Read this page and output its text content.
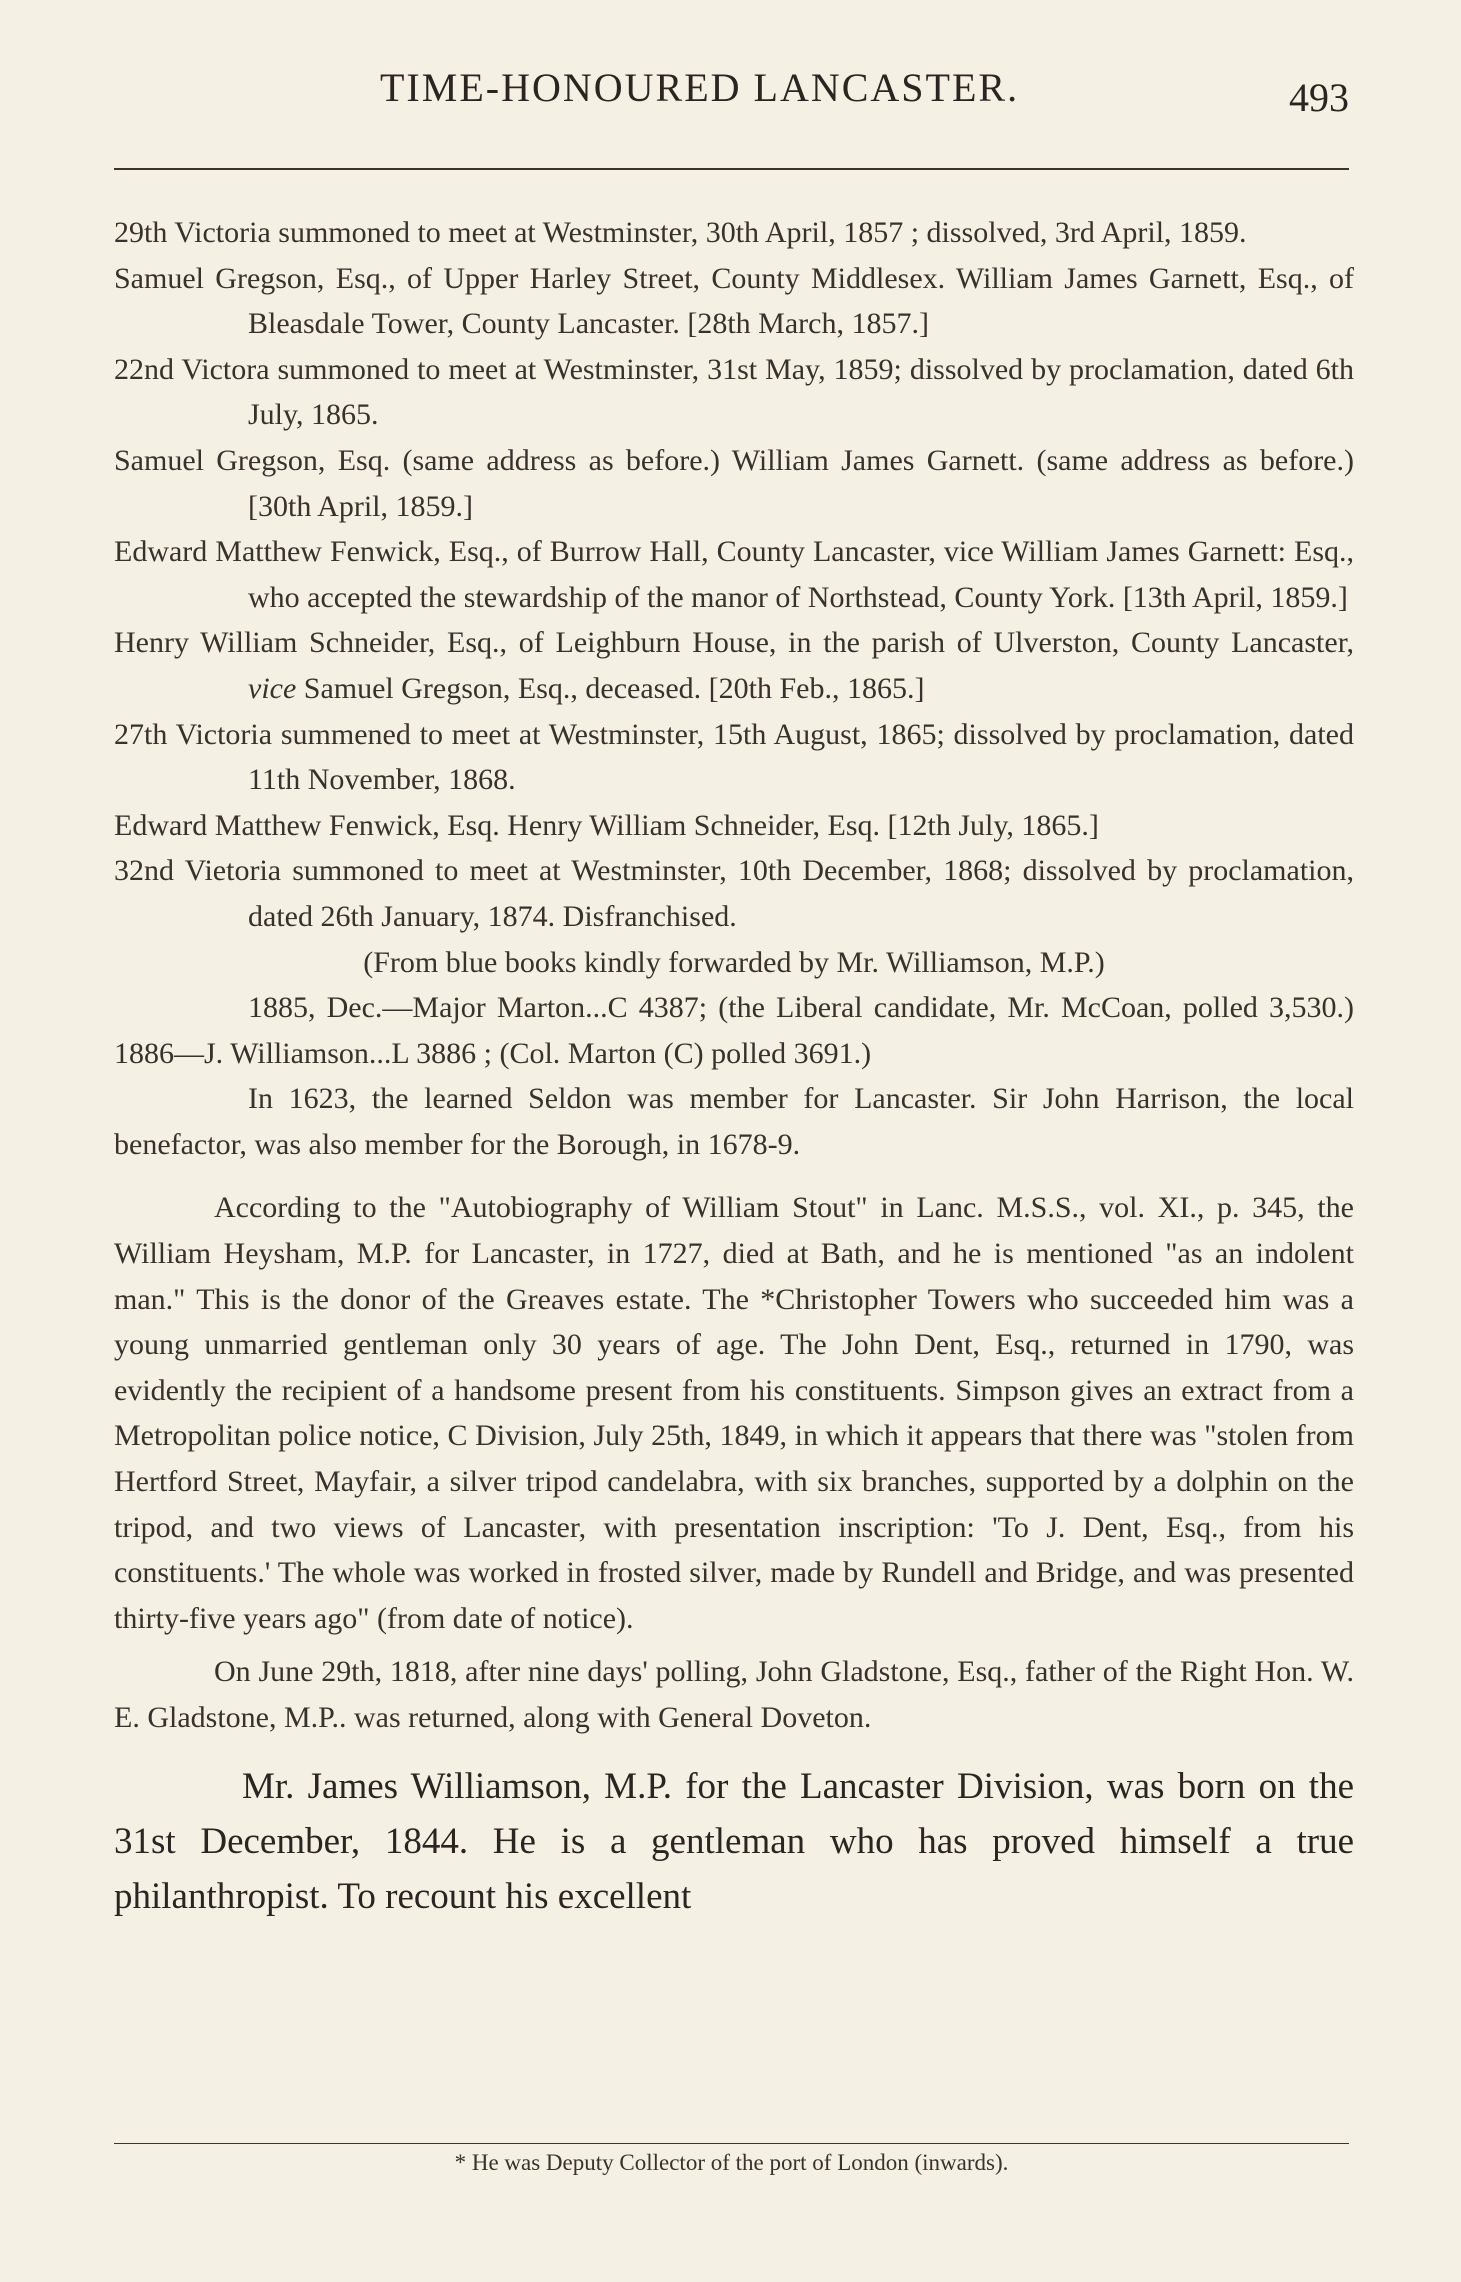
TIME-HONOURED LANCASTER.	493

29th Victoria summoned to meet at Westminster, 30th April, 1857 ; dissolved, 3rd April, 1859.

Samuel Gregson, Esq., of Upper Harley Street, County Middlesex. William James Garnett, Esq., of Bleasdale Tower, County Lancaster. [28th March, 1857.]

22nd Victora summoned to meet at Westminster, 31st May, 1859; dissolved by proclamation, dated 6th July, 1865.

Samuel Gregson, Esq. (same address as before.) William James Garnett. (same address as before.) [30th April, 1859.]

Edward Matthew Fenwick, Esq., of Burrow Hall, County Lancaster, vice William James Garnett: Esq., who accepted the stewardship of the manor of Northstead, County York. [13th April, 1859.]

Henry William Schneider, Esq., of Leighburn House, in the parish of Ulverston, County Lancaster, vice Samuel Gregson, Esq., deceased. [20th Feb., 1865.]

27th Victoria summened to meet at Westminster, 15th August, 1865; dissolved by proclamation, dated 11th November, 1868.

Edward Matthew Fenwick, Esq. Henry William Schneider, Esq. [12th July, 1865.]

32nd Vietoria summoned to meet at Westminster, 10th December, 1868; dissolved by proclamation, dated 26th January, 1874. Disfranchised.

(From blue books kindly forwarded by Mr. Williamson, M.P.)

1885, Dec.—Major Marton...C 4387; (the Liberal candidate, Mr. McCoan, polled 3,530.) 1886—J. Williamson...L 3886 ; (Col. Marton (C) polled 3691.)

In 1623, the learned Seldon was member for Lancaster. Sir John Harrison, the local benefactor, was also member for the Borough, in 1678-9.

According to the "Autobiography of William Stout" in Lanc. M.S.S., vol. XI., p. 345, the William Heysham, M.P. for Lancaster, in 1727, died at Bath, and he is mentioned "as an indolent man." This is the donor of the Greaves estate. The *Christopher Towers who succeeded him was a young unmarried gentleman only 30 years of age. The John Dent, Esq., returned in 1790, was evidently the recipient of a handsome present from his constituents. Simpson gives an extract from a Metropolitan police notice, C Division, July 25th, 1849, in which it appears that there was "stolen from Hertford Street, Mayfair, a silver tripod candelabra, with six branches, supported by a dolphin on the tripod, and two views of Lancaster, with presentation inscription: 'To J. Dent, Esq., from his constituents.' The whole was worked in frosted silver, made by Rundell and Bridge, and was presented thirty-five years ago" (from date of notice).

On June 29th, 1818, after nine days' polling, John Gladstone, Esq., father of the Right Hon. W. E. Gladstone, M.P.. was returned, along with General Doveton.

Mr. James Williamson, M.P. for the Lancaster Division, was born on the 31st December, 1844. He is a gentleman who has proved himself a true philanthropist. To recount his excellent

* He was Deputy Collector of the port of London (inwards).
